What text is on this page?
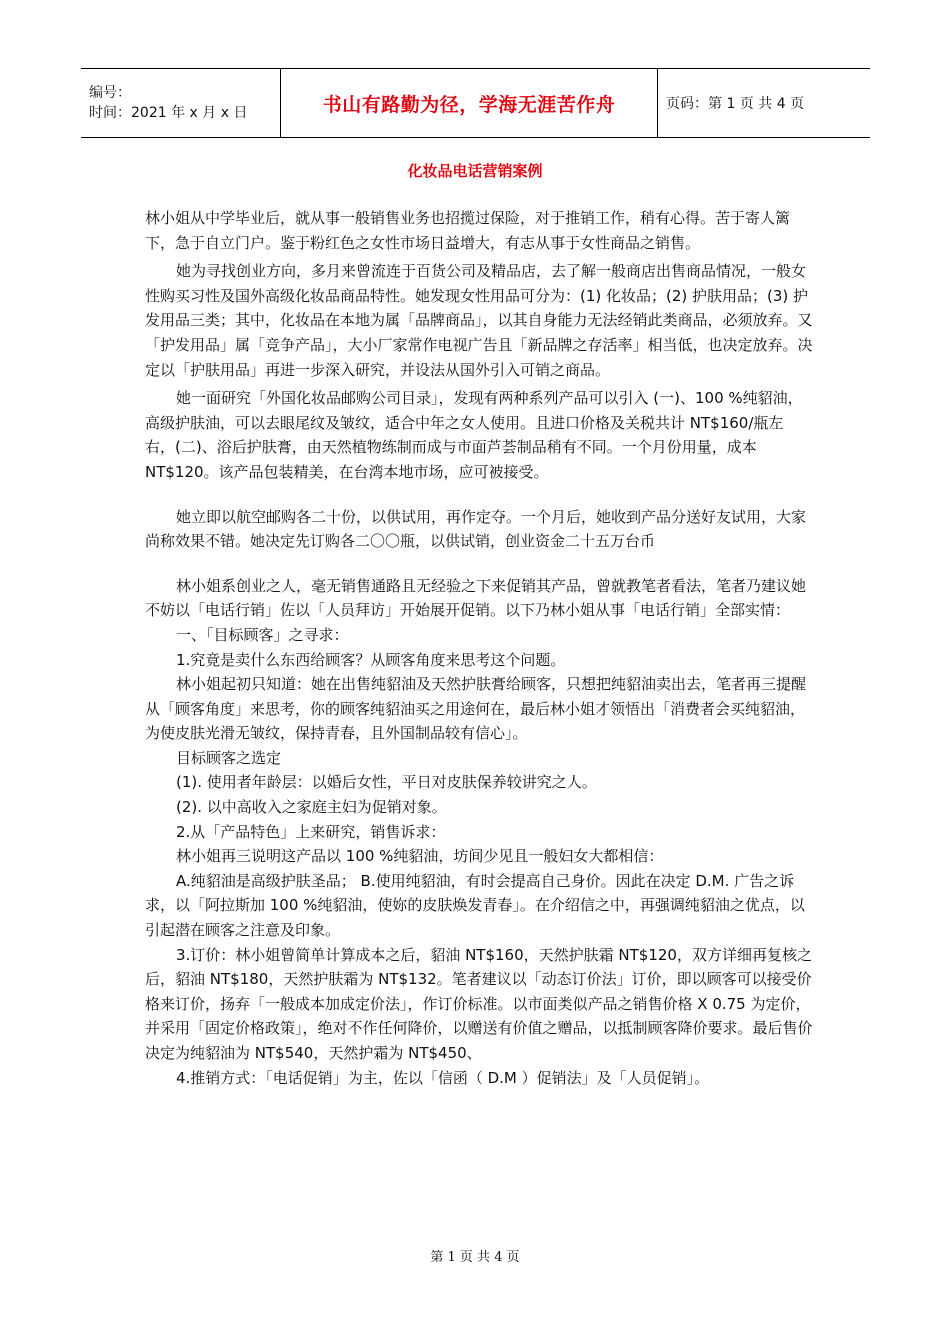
编号：
时间：2021 年 x 月 x 日	书山有路勤为径，学海无涯苦作舟	页码：第 1 页 共 4 页
化妆品电话营销案例

林小姐从中学毕业后，就从事一般销售业务也招揽过保险，对于推销工作，稍有心得。苦于寄人篱下，急于自立门户。鉴于粉红色之女性市场日益增大，有志从事于女性商品之销售。

她为寻找创业方向，多月来曾流连于百货公司及精品店，去了解一般商店出售商品情况，一般女性购买习性及国外高级化妆品商品特性。她发现女性用品可分为：(1) 化妆品；(2) 护肤用品；(3) 护发用品三类；其中，化妆品在本地为属「品牌商品」，以其自身能力无法经销此类商品，必须放弃。又「护发用品」属「竞争产品」，大小厂家常作电视广告且「新品牌之存活率」相当低，也决定放弃。决定以「护肤用品」再进一步深入研究，并设法从国外引入可销之商品。

她一面研究「外国化妆品邮购公司目录」，发现有两种系列产品可以引入 (一)、100 %纯貂油，高级护肤油，可以去眼尾纹及皱纹，适合中年之女人使用。且进口价格及关税共计 NT$160/瓶左右，(二)、浴后护肤膏，由天然植物练制而成与市面芦荟制品稍有不同。一个月份用量，成本 NT$120。该产品包装精美，在台湾本地市场，应可被接受。

她立即以航空邮购各二十份，以供试用，再作定夺。一个月后，她收到产品分送好友试用，大家尚称效果不错。她决定先订购各二〇〇瓶，以供试销，创业资金二十五万台币

林小姐系创业之人，毫无销售通路且无经验之下来促销其产品，曾就教笔者看法，笔者乃建议她不妨以「电话行销」佐以「人员拜访」开始展开促销。以下乃林小姐从事「电话行销」全部实情：

一、「目标顾客」之寻求：

1.究竟是卖什么东西给顾客？从顾客角度来思考这个问题。

林小姐起初只知道：她在出售纯貂油及天然护肤膏给顾客，只想把纯貂油卖出去，笔者再三提醒从「顾客角度」来思考，你的顾客纯貂油买之用途何在，最后林小姐才领悟出「消费者会买纯貂油，为使皮肤光滑无皱纹，保持青春，且外国制品较有信心」。

目标顾客之选定

(1). 使用者年龄层：以婚后女性，平日对皮肤保养较讲究之人。

(2). 以中高收入之家庭主妇为促销对象。

2.从「产品特色」上来研究，销售诉求：

林小姐再三说明这产品以 100 %纯貂油，坊间少见且一般妇女大都相信：

A.纯貂油是高级护肤圣品； B.使用纯貂油，有时会提高自己身价。因此在决定 D.M. 广告之诉求，以「阿拉斯加 100 %纯貂油，使妳的皮肤焕发青春」。在介绍信之中，再强调纯貂油之优点，以引起潜在顾客之注意及印象。

3.订价：林小姐曾简单计算成本之后，貂油 NT$160，天然护肤霜 NT$120，双方详细再复核之后，貂油 NT$180，天然护肤霜为 NT$132。笔者建议以「动态订价法」订价，即以顾客可以接受价格来订价，扬弃「一般成本加成定价法」，作订价标准。以市面类似产品之销售价格 X 0.75 为定价，并采用「固定价格政策」，绝对不作任何降价，以赠送有价值之赠品，以抵制顾客降价要求。最后售价决定为纯貂油为 NT$540，天然护霜为 NT$450、

4.推销方式：「电话促销」为主，佐以「信函（ D.M ）促销法」及「人员促销」。

第 1 页 共 4 页
